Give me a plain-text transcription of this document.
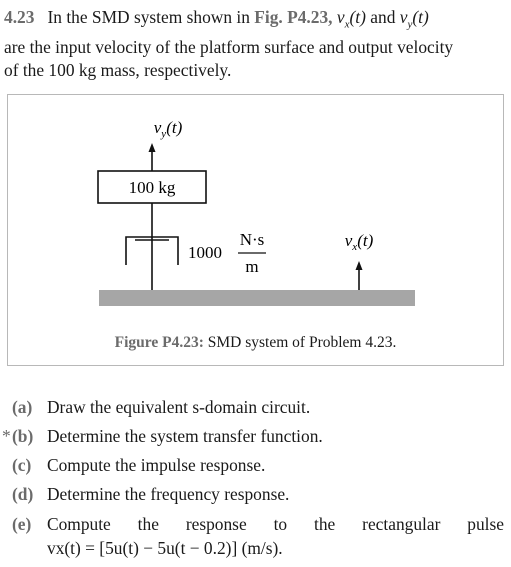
4.23 In the SMD system shown in Fig. P4.23, $v_x(t)$ and $v_y(t)$
are the input velocity of the platform surface and output velocity
of the 100 kg mass, respectively.
$v_y(t)$
100 kg
1000
N·s
m
$v_x(t)$
Figure P4.23: SMD system of Problem 4.23.
(a) Draw the equivalent s-domain circuit.
* (b) Determine the system transfer function.
(c) Compute the impulse response.
(d) Determine the frequency response.
(e) Compute the response to the rectangular pulse
vx(t) = [5u(t) − 5u(t − 0.2)] (m/s).
